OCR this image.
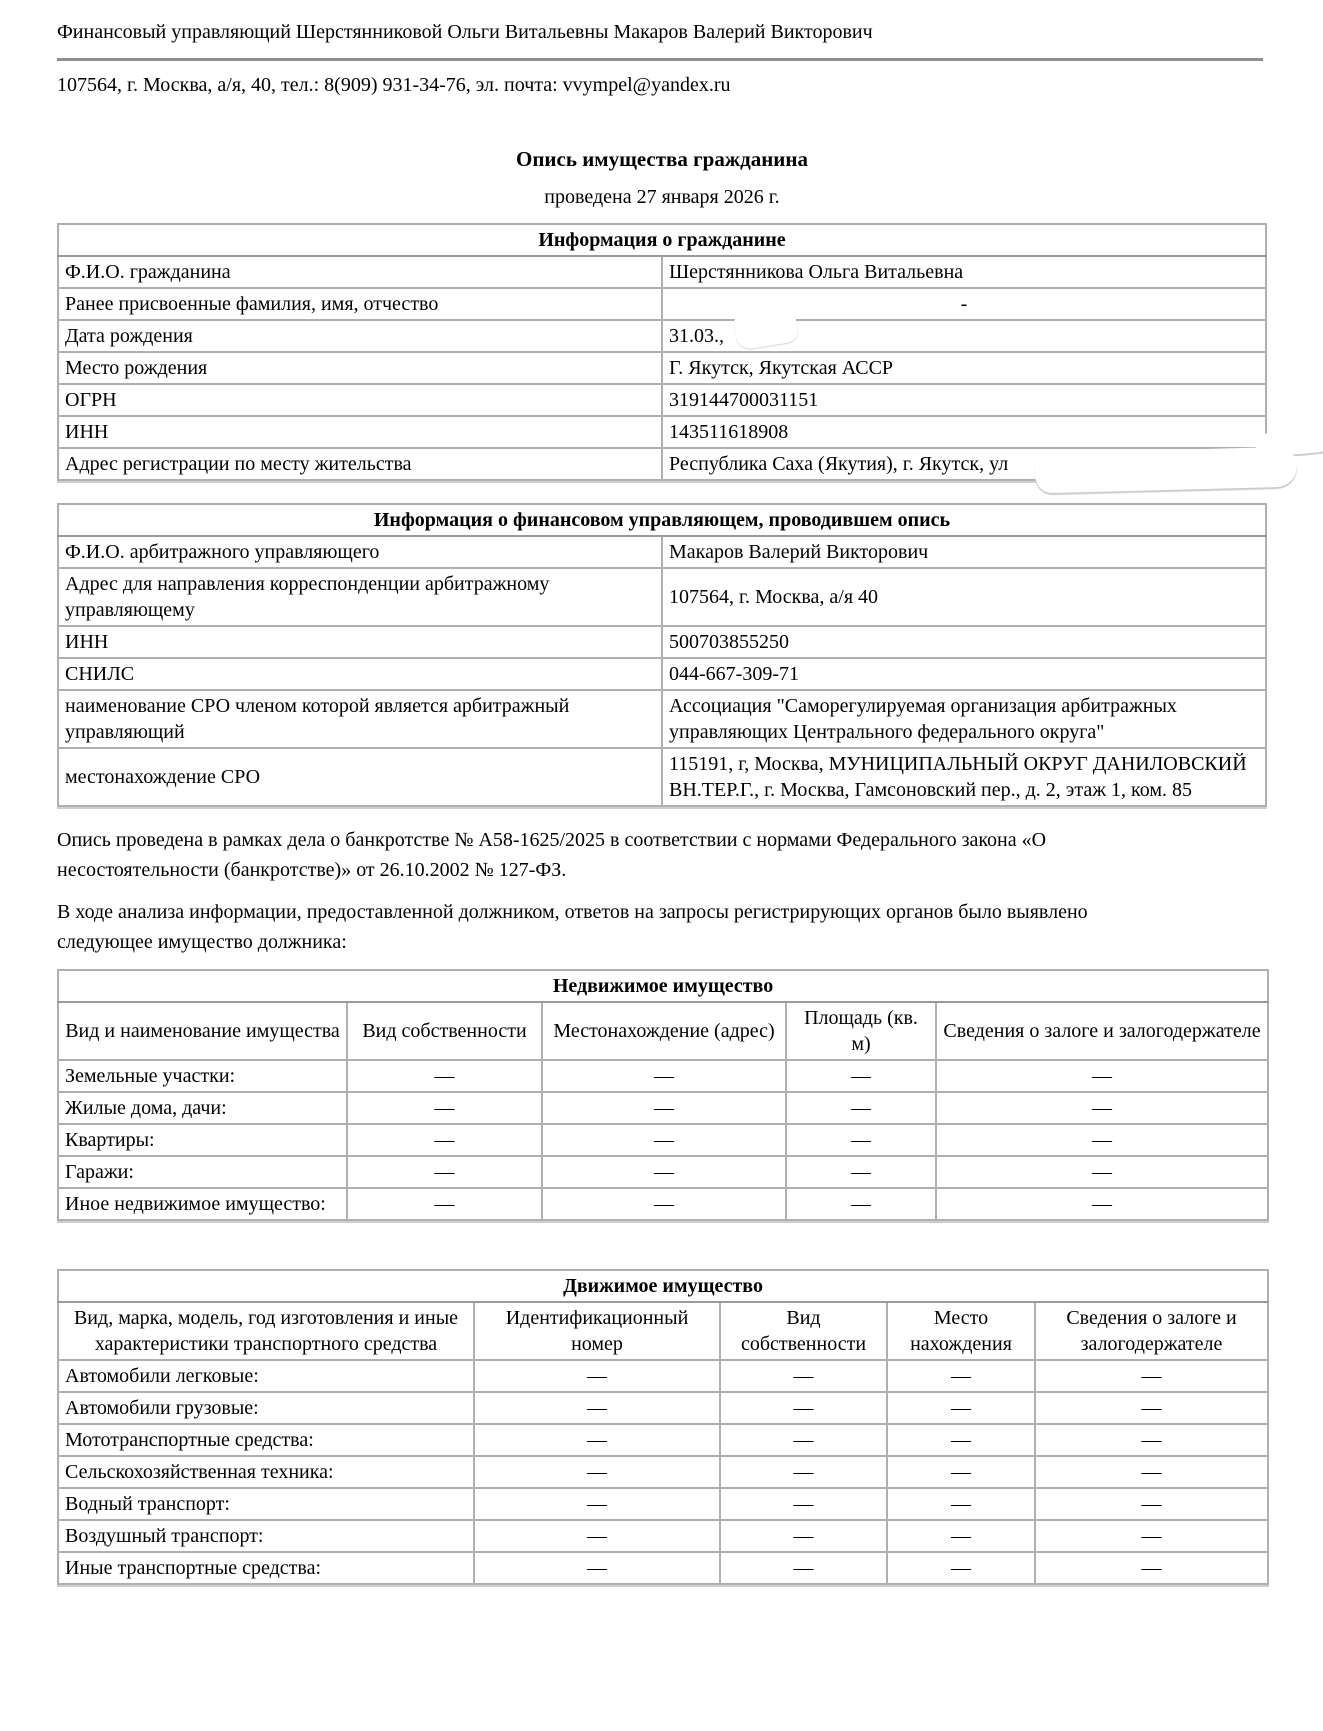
Финансовый управляющий Шерстянниковой Ольги Витальевны Макаров Валерий Викторович
107564, г. Москва, а/я, 40, тел.: 8(909) 931-34-76, эл. почта: vvympel@yandex.ru
Опись имущества гражданина
проведена 27 января 2026 г.
Информация о гражданине	
Ф.И.О. гражданина	Шерстянникова Ольга Витальевна
Ранее присвоенные фамилия, имя, отчество	-
Дата рождения	31.03.,

Место рождения	Г. Якутск, Якутская АССР
ОГРН	319144700031151
ИНН	143511618908
Адрес регистрации по месту жительства	Республика Саха (Якутия), г. Якутск, ул
Информация о финансовом управляющем, проводившем опись	
Ф.И.О. арбитражного управляющего	Макаров Валерий Викторович
Адрес для направления корреспонденции арбитражному управляющему	107564, г. Москва, а/я 40
ИНН	500703855250
СНИЛС	044-667-309-71
наименование СРО членом которой является арбитражный управляющий	Ассоциация "Саморегулируемая организация арбитражных управляющих Центрального федерального округа"
местонахождение СРО	115191, г, Москва, МУНИЦИПАЛЬНЫЙ ОКРУГ ДАНИЛОВСКИЙ ВН.ТЕР.Г., г. Москва, Гамсоновский пер., д. 2, этаж 1, ком. 85

Опись проведена в рамках дела о банкротстве № А58-1625/2025 в соответствии с нормами Федерального закона «О несостоятельности (банкротстве)» от 26.10.2002 № 127-ФЗ.

В ходе анализа информации, предоставленной должником, ответов на запросы регистрирующих органов было выявлено следующее имущество должника:

Недвижимое имущество				
Вид и наименование имущества	Вид собственности	Местонахождение (адрес)	Площадь (кв. м)	Сведения о залоге и залогодержателе
Земельные участки:	—	—	—	—
Жилые дома, дачи:	—	—	—	—
Квартиры:	—	—	—	—
Гаражи:	—	—	—	—
Иное недвижимое имущество:	—	—	—	—
Движимое имущество				
Вид, марка, модель, год изготовления и иные характеристики транспортного средства	Идентификационный номер	Вид собственности	Место нахождения	Сведения о залоге и залогодержателе
Автомобили легковые:	—	—	—	—
Автомобили грузовые:	—	—	—	—
Мототранспортные средства:	—	—	—	—
Сельскохозяйственная техника:	—	—	—	—
Водный транспорт:	—	—	—	—
Воздушный транспорт:	—	—	—	—
Иные транспортные средства:	—	—	—	—
